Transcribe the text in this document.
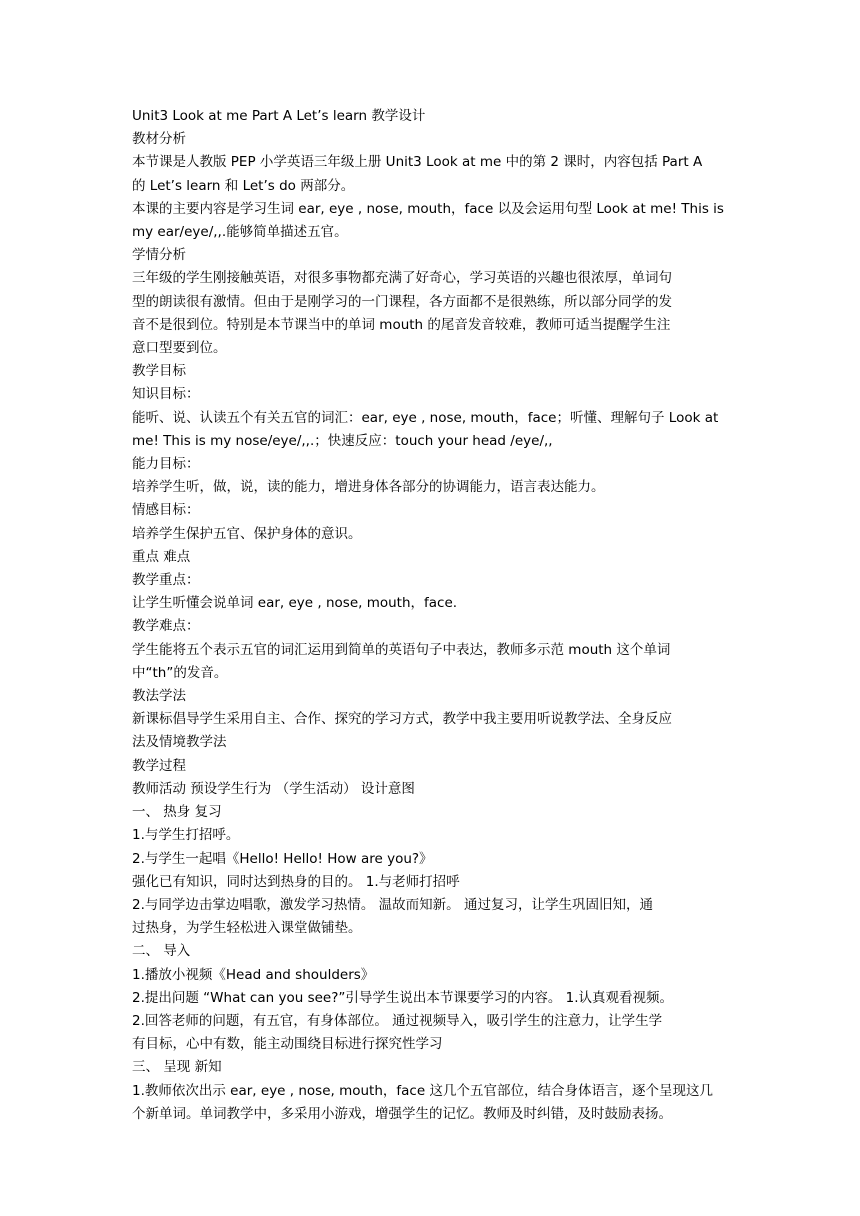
Unit3 Look at me Part A Let’s learn 教学设计
教材分析
本节课是人教版 PEP 小学英语三年级上册 Unit3 Look at me 中的第 2 课时，内容包括 Part A
的 Let’s learn 和 Let’s do 两部分。
本课的主要内容是学习生词 ear, eye , nose, mouth，face 以及会运用句型 Look at me! This is
my ear/eye/,,.能够简单描述五官。
学情分析
三年级的学生刚接触英语，对很多事物都充满了好奇心，学习英语的兴趣也很浓厚，单词句
型的朗读很有激情。但由于是刚学习的一门课程，各方面都不是很熟练，所以部分同学的发
音不是很到位。特别是本节课当中的单词 mouth 的尾音发音较难，教师可适当提醒学生注
意口型要到位。
教学目标
知识目标：
能听、说、认读五个有关五官的词汇：ear, eye , nose, mouth，face；听懂、理解句子 Look at
me! This is my nose/eye/,,.；快速反应：touch your head /eye/,,
能力目标：
培养学生听，做，说，读的能力，增进身体各部分的协调能力，语言表达能力。
情感目标：
培养学生保护五官、保护身体的意识。
重点 难点
教学重点：
让学生听懂会说单词 ear, eye , nose, mouth，face.
教学难点：
学生能将五个表示五官的词汇运用到简单的英语句子中表达，教师多示范 mouth 这个单词
中“th”的发音。
教法学法
新课标倡导学生采用自主、合作、探究的学习方式，教学中我主要用听说教学法、全身反应
法及情境教学法
教学过程
教师活动 预设学生行为 （学生活动） 设计意图
一、 热身 复习
1.与学生打招呼。
2.与学生一起唱《Hello! Hello! How are you?》
强化已有知识，同时达到热身的目的。 1.与老师打招呼
2.与同学边击掌边唱歌，激发学习热情。 温故而知新。 通过复习，让学生巩固旧知，通
过热身，为学生轻松进入课堂做铺垫。
二、 导入
1.播放小视频《Head and shoulders》
2.提出问题 “What can you see?”引导学生说出本节课要学习的内容。 1.认真观看视频。
2.回答老师的问题，有五官，有身体部位。 通过视频导入，吸引学生的注意力，让学生学
有目标，心中有数，能主动围绕目标进行探究性学习
三、 呈现 新知
1.教师依次出示 ear, eye , nose, mouth，face 这几个五官部位，结合身体语言，逐个呈现这几
个新单词。单词教学中，多采用小游戏，增强学生的记忆。教师及时纠错，及时鼓励表扬。
